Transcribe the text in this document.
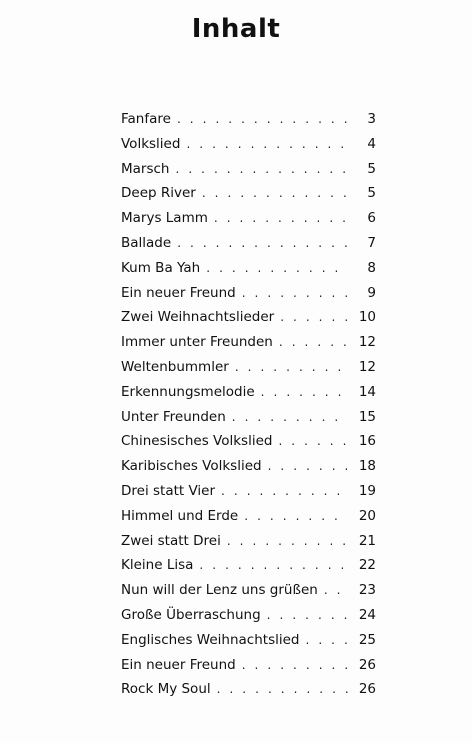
Inhalt
Fanfare . . .	3
Volkslied . . .	4
Marsch . . .	5
Deep River . . .	5
Marys Lamm . . .	6
Ballade . . .	7
Kum Ba Yah . . .	8
Ein neuer Freund . . .	9
Zwei Weihnachtslieder . . .	10
Immer unter Freunden . . .	12
Weltenbummler . . .	12
Erkennungsmelodie . . .	14
Unter Freunden . . .	15
Chinesisches Volkslied . . .	16
Karibisches Volkslied . . .	18
Drei statt Vier . . .	19
Himmel und Erde . . .	20
Zwei statt Drei . . .	21
Kleine Lisa . . .	22
Nun will der Lenz uns grüßen . . .	23
Große Überraschung . . .	24
Englisches Weihnachtslied . . .	25
Ein neuer Freund . . .	26
Rock My Soul . . .	26
